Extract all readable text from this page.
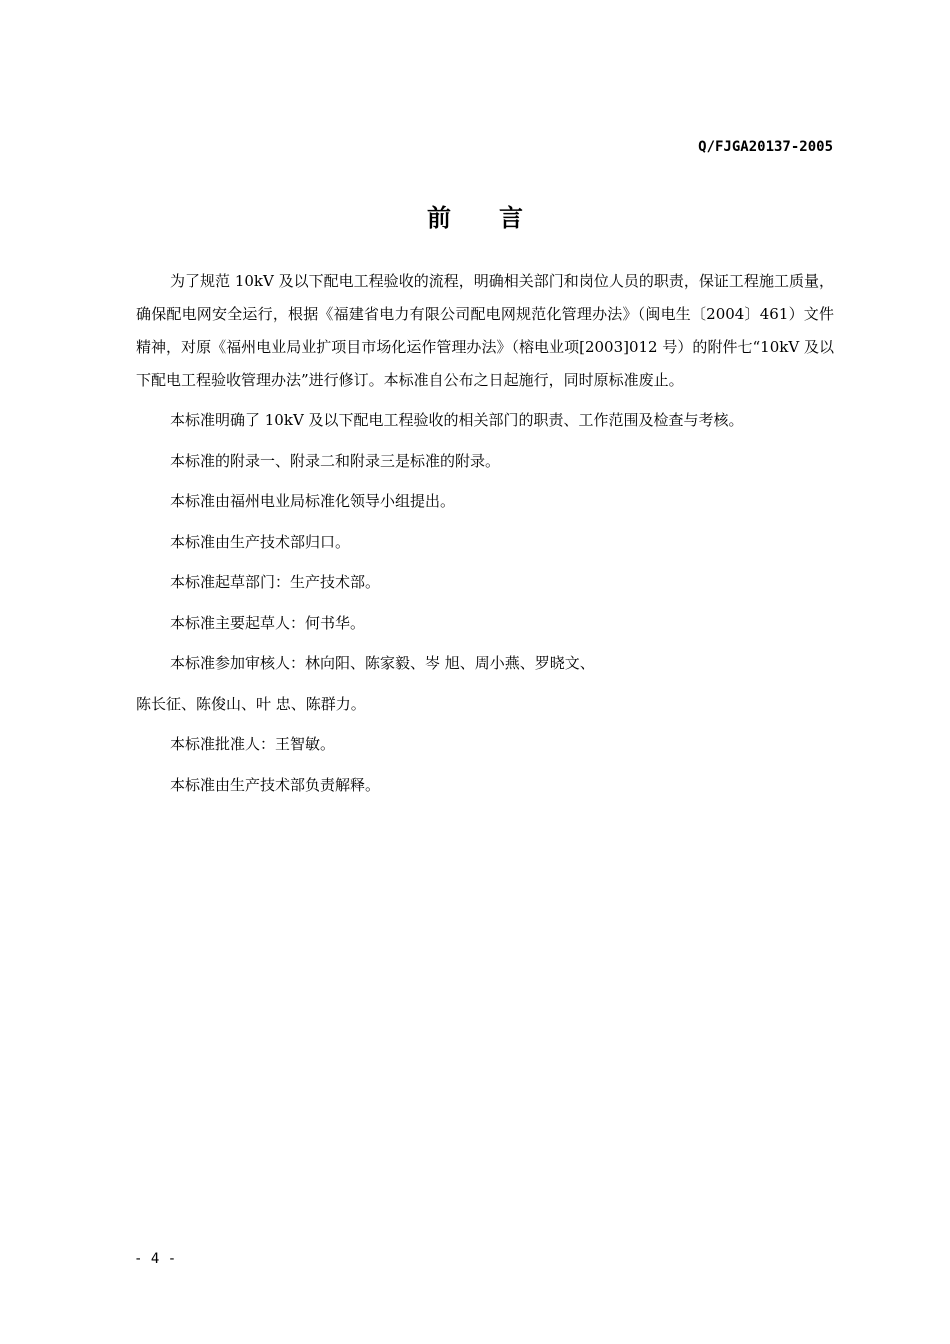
Q/FJGA20137-2005
前 言

为了规范 10kV 及以下配电工程验收的流程，明确相关部门和岗位人员的职责，保证工程施工质量，确保配电网安全运行，根据《福建省电力有限公司配电网规范化管理办法》（闽电生〔2004〕461）文件精神，对原《福州电业局业扩项目市场化运作管理办法》（榕电业项[2003]012 号）的附件七“10kV 及以下配电工程验收管理办法”进行修订。本标准自公布之日起施行，同时原标准废止。

本标准明确了 10kV 及以下配电工程验收的相关部门的职责、工作范围及检查与考核。

本标准的附录一、附录二和附录三是标准的附录。

本标准由福州电业局标准化领导小组提出。

本标准由生产技术部归口。

本标准起草部门：生产技术部。

本标准主要起草人：何书华。

本标准参加审核人：林向阳、陈家毅、岑 旭、周小燕、罗晓文、

陈长征、陈俊山、叶 忠、陈群力。

本标准批准人：王智敏。

本标准由生产技术部负责解释。

- 4 -
